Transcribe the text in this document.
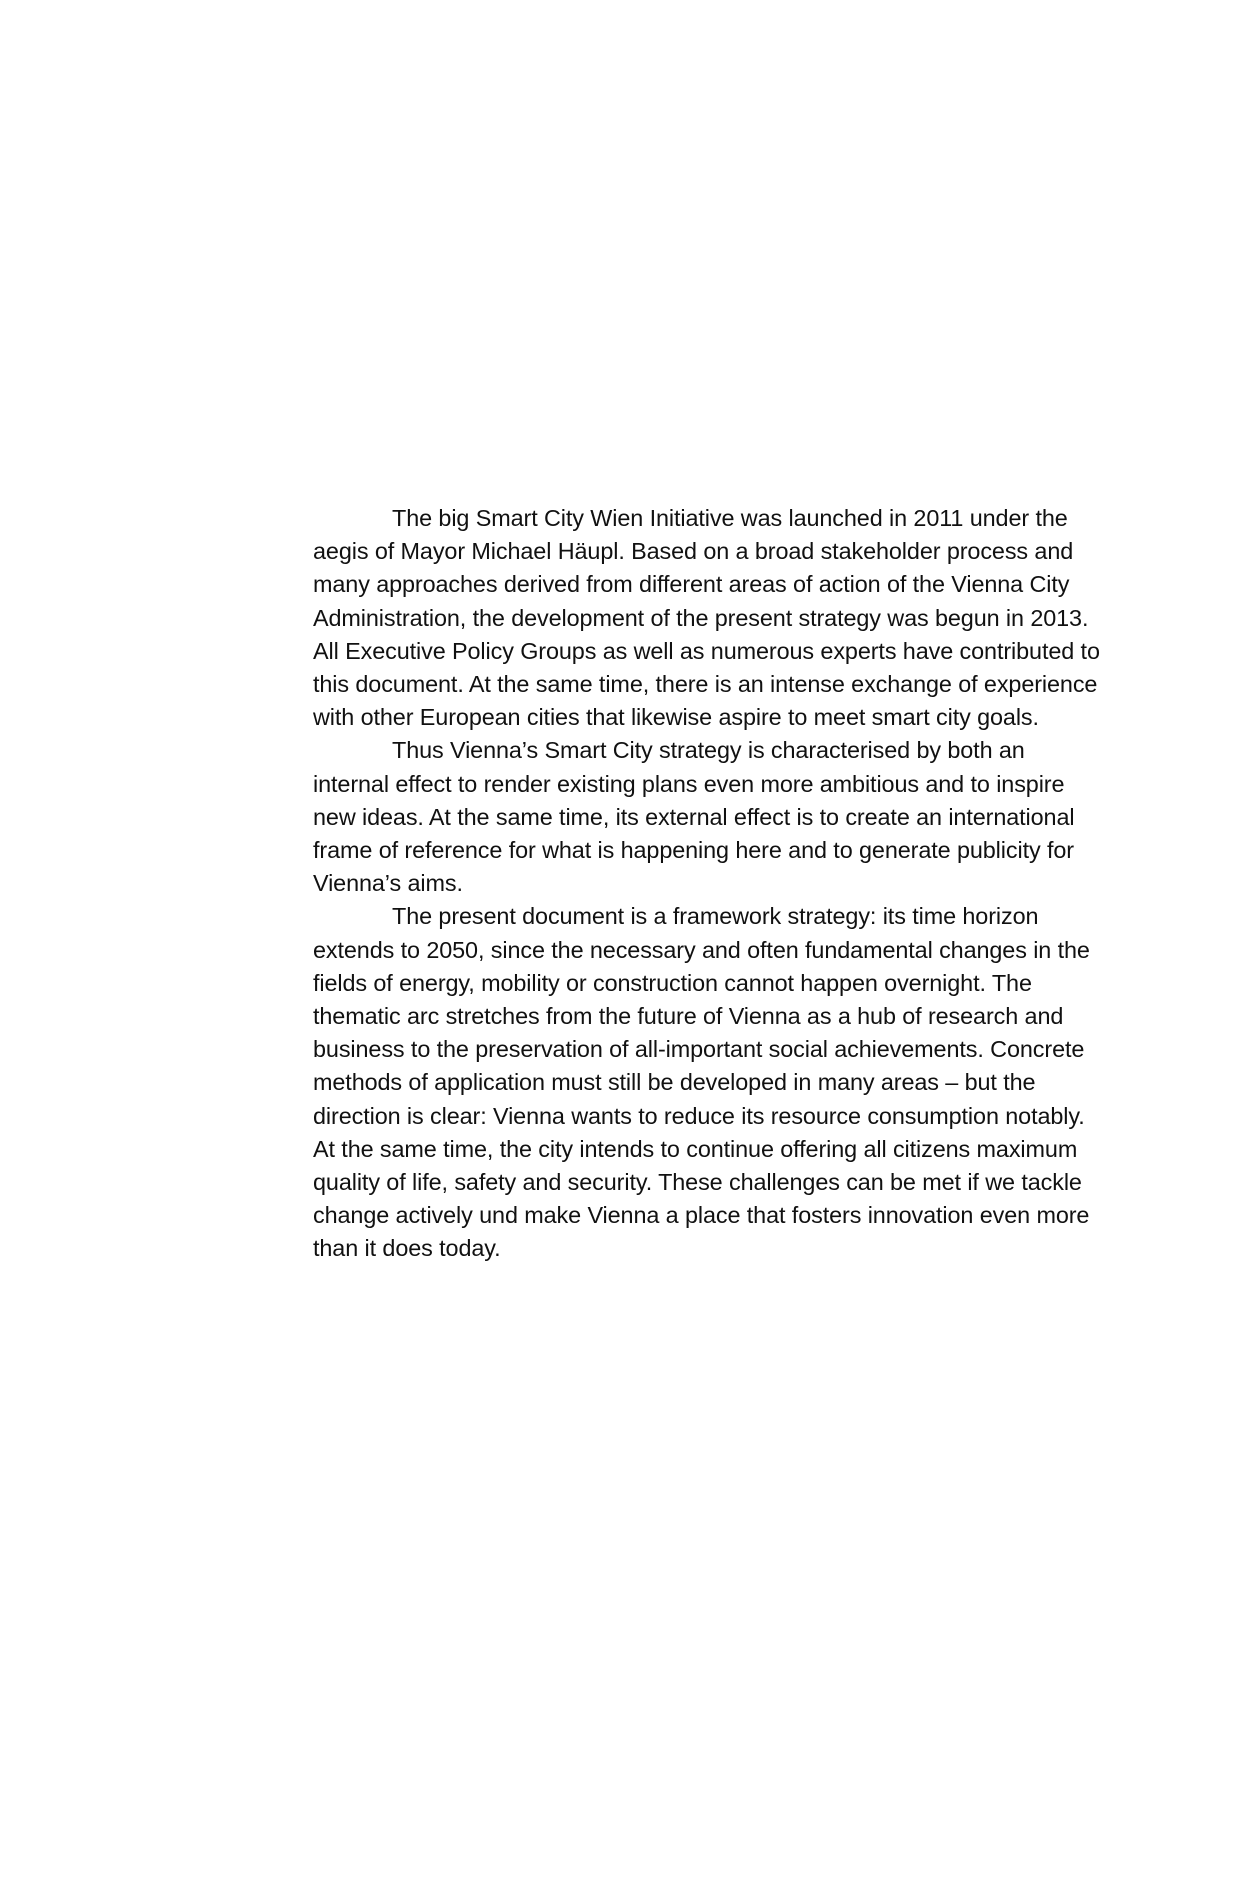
The big Smart City Wien Initiative was launched in 2011 under the aegis of Mayor Michael Häupl. Based on a broad stakeholder process and many approaches derived from different areas of action of the Vienna City Administration, the development of the present strategy was begun in 2013. All Executive Policy Groups as well as numerous experts have contributed to this document. At the same time, there is an intense exchange of experience with other European cities that likewise aspire to meet smart city goals.

Thus Vienna’s Smart City strategy is characterised by both an internal effect to render existing plans even more ambitious and to inspire new ideas. At the same time, its external effect is to create an international frame of reference for what is happening here and to generate publicity for Vienna’s aims.

The present document is a framework strategy: its time horizon extends to 2050, since the necessary and often fundamental changes in the fields of energy, mobility or construction cannot happen overnight. The thematic arc stretches from the future of Vienna as a hub of research and business to the preservation of all-important social achievements. Concrete methods of application must still be developed in many areas – but the direction is clear: Vienna wants to reduce its resource consumption notably. At the same time, the city intends to continue offering all citizens maximum quality of life, safety and security. These challenges can be met if we tackle change actively und make Vienna a place that fosters innovation even more than it does today.
